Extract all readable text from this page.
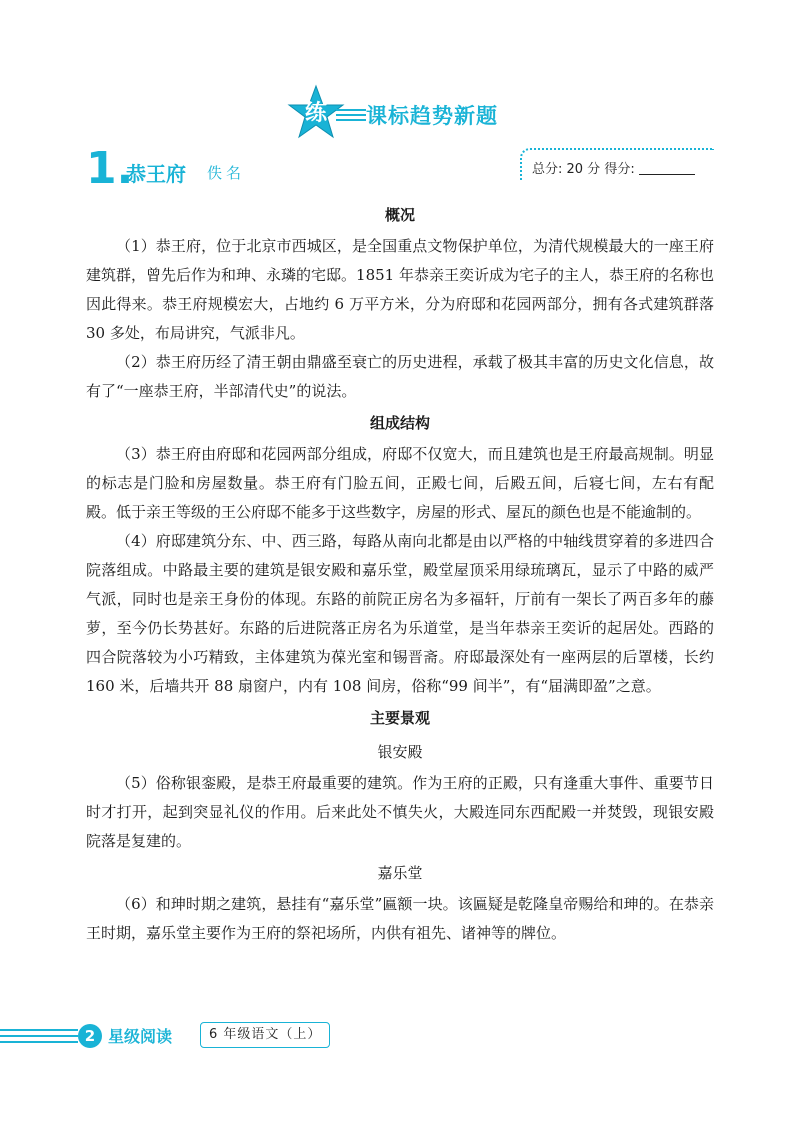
练	课标趋势新题
1.
恭王府 佚名	总分: 20 分 得分:
概况

（1）恭王府，位于北京市西城区，是全国重点文物保护单位，为清代规模最大的一座王府建筑群，曾先后作为和珅、永璘的宅邸。1851 年恭亲王奕䜣成为宅子的主人，恭王府的名称也因此得来。恭王府规模宏大，占地约 6 万平方米，分为府邸和花园两部分，拥有各式建筑群落 30 多处，布局讲究，气派非凡。

（2）恭王府历经了清王朝由鼎盛至衰亡的历史进程，承载了极其丰富的历史文化信息，故有了“一座恭王府，半部清代史”的说法。

组成结构

（3）恭王府由府邸和花园两部分组成，府邸不仅宽大，而且建筑也是王府最高规制。明显的标志是门脸和房屋数量。恭王府有门脸五间，正殿七间，后殿五间，后寝七间，左右有配殿。低于亲王等级的王公府邸不能多于这些数字，房屋的形式、屋瓦的颜色也是不能逾制的。

（4）府邸建筑分东、中、西三路，每路从南向北都是由以严格的中轴线贯穿着的多进四合院落组成。中路最主要的建筑是银安殿和嘉乐堂，殿堂屋顶采用绿琉璃瓦，显示了中路的威严气派，同时也是亲王身份的体现。东路的前院正房名为多福轩，厅前有一架长了两百多年的藤萝，至今仍长势甚好。东路的后进院落正房名为乐道堂，是当年恭亲王奕䜣的起居处。西路的四合院落较为小巧精致，主体建筑为葆光室和锡晋斋。府邸最深处有一座两层的后罩楼，长约 160 米，后墙共开 88 扇窗户，内有 108 间房，俗称“99 间半”，有“届满即盈”之意。

主要景观
银安殿

（5）俗称银銮殿，是恭王府最重要的建筑。作为王府的正殿，只有逢重大事件、重要节日时才打开，起到突显礼仪的作用。后来此处不慎失火，大殿连同东西配殿一并焚毁，现银安殿院落是复建的。

嘉乐堂

（6）和珅时期之建筑，悬挂有“嘉乐堂”匾额一块。该匾疑是乾隆皇帝赐给和珅的。在恭亲王时期，嘉乐堂主要作为王府的祭祀场所，内供有祖先、诸神等的牌位。

2 星级阅读	6 年级语文（上）
